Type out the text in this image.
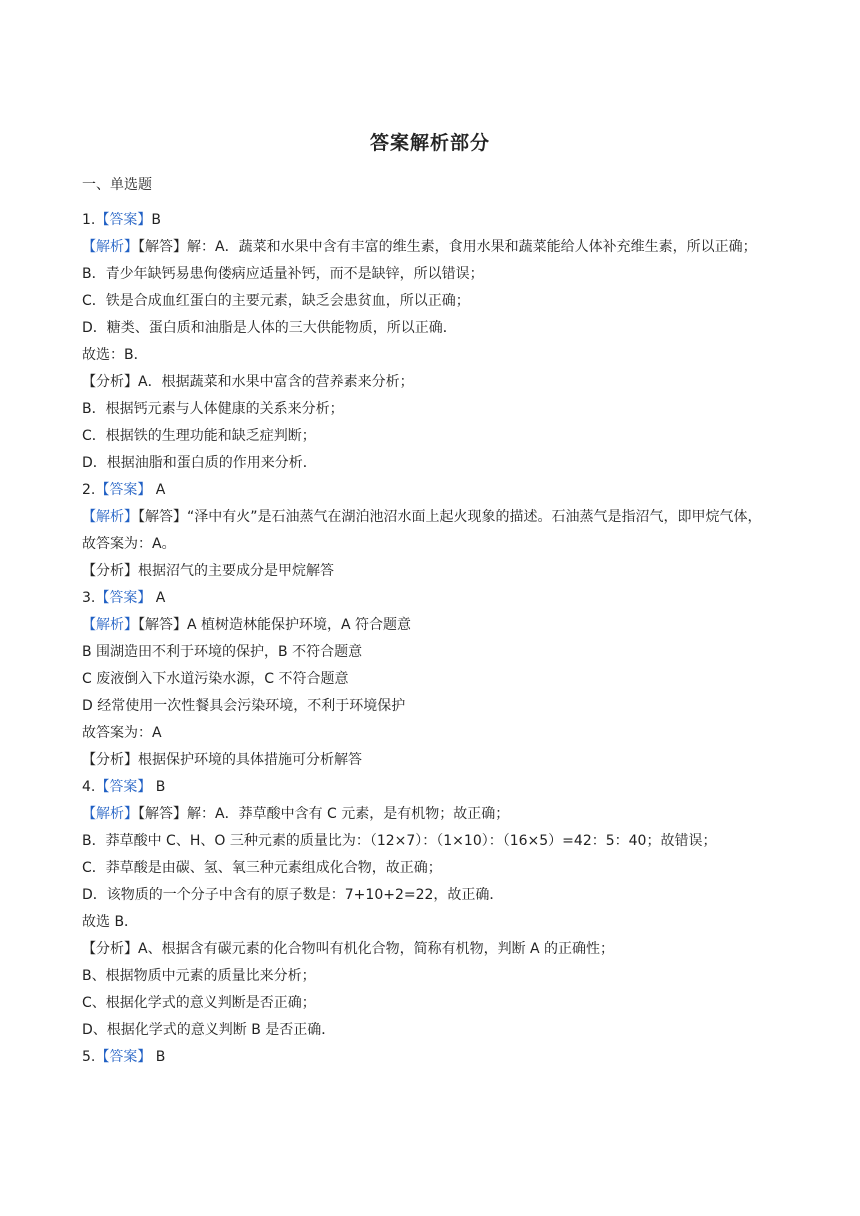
答案解析部分
一、单选题
1.【答案】B
【解析】【解答】解：A．蔬菜和水果中含有丰富的维生素，食用水果和蔬菜能给人体补充维生素，所以正确；
B．青少年缺钙易患佝偻病应适量补钙，而不是缺锌，所以错误；
C．铁是合成血红蛋白的主要元素，缺乏会患贫血，所以正确；
D．糖类、蛋白质和油脂是人体的三大供能物质，所以正确．
故选：B．
【分析】A．根据蔬菜和水果中富含的营养素来分析；
B．根据钙元素与人体健康的关系来分析；
C．根据铁的生理功能和缺乏症判断；
D．根据油脂和蛋白质的作用来分析．
2.【答案】 A
【解析】【解答】“泽中有火”是石油蒸气在湖泊池沼水面上起火现象的描述。石油蒸气是指沼气，即甲烷气体，
故答案为：A。
【分析】根据沼气的主要成分是甲烷解答
3.【答案】 A
【解析】【解答】A 植树造林能保护环境，A 符合题意
B 围湖造田不利于环境的保护，B 不符合题意
C 废液倒入下水道污染水源，C 不符合题意
D 经常使用一次性餐具会污染环境，不利于环境保护
故答案为：A
【分析】根据保护环境的具体措施可分析解答
4.【答案】 B
【解析】【解答】解：A．莽草酸中含有 C 元素，是有机物；故正确；
B．莽草酸中 C、H、O 三种元素的质量比为：（12×7）：（1×10）：（16×5）=42：5：40；故错误；
C．莽草酸是由碳、氢、氧三种元素组成化合物，故正确；
D．该物质的一个分子中含有的原子数是：7+10+2=22，故正确．
故选 B．
【分析】A、根据含有碳元素的化合物叫有机化合物，简称有机物，判断 A 的正确性；
B、根据物质中元素的质量比来分析；
C、根据化学式的意义判断是否正确；
D、根据化学式的意义判断 B 是否正确．
5.【答案】 B
